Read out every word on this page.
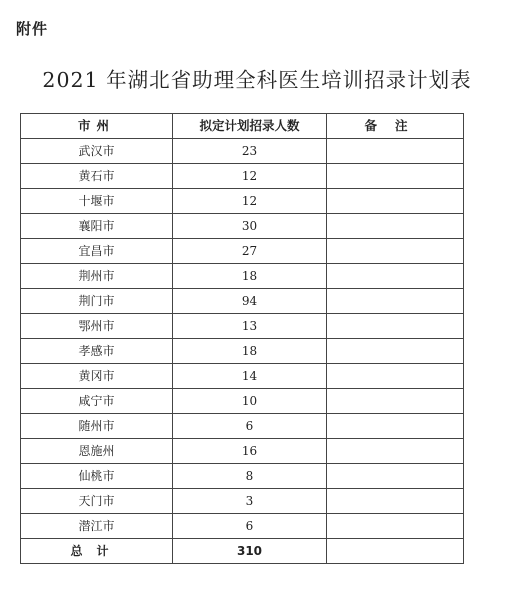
附件
2021 年湖北省助理全科医生培训招录计划表
市州	拟定计划招录人数	备注
武汉市	23	
黄石市	12	
十堰市	12	
襄阳市	30	
宜昌市	27	
荆州市	18	
荆门市	94	
鄂州市	13	
孝感市	18	
黄冈市	14	
咸宁市	10	
随州市	6	
恩施州	16	
仙桃市	8	
天门市	3	
潜江市	6	
总计	310	
